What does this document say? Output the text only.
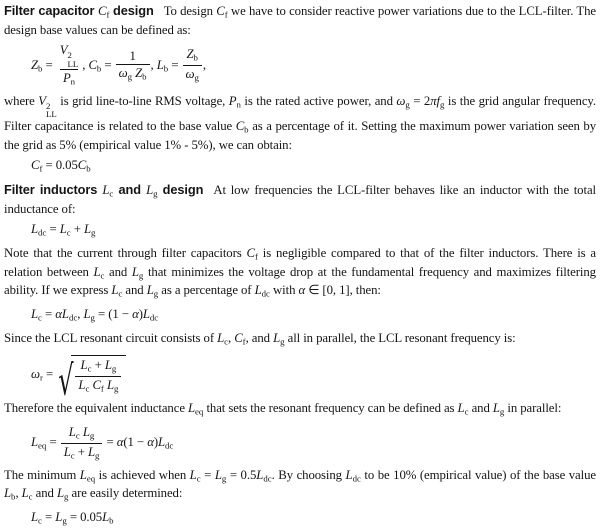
Filter capacitor Cf design To design Cf we have to consider reactive power variations due to the LCL-filter. The design base values can be defined as:

Zb = V 2
LL
Pn , $Cb = \frac{1}{\text{ωg Zb}}$ , $Lb = \frac{Zb}{\omega g}$ ,

where V 2
LL
is grid line-to-line RMS voltage, Pn is the rated active power, and ωg = 2πfg is the grid angular frequency. Filter capacitance is related to the base value Cb as a percentage of it. Setting the maximum power variation seen by the grid as 5% (empirical value 1% - 5%), we can obtain:

Cf = 0.05Cb

Filter inductors Lc and Lg design At low frequencies the LCL-filter behaves like an inductor with the total inductance of:

Ldc = Lc + Lg

Note that the current through filter capacitors Cf is negligible compared to that of the filter inductors. There is a relation between Lc and Lg that minimizes the voltage drop at the fundamental frequency and maximizes filtering ability. If we express Lc and Lg as a percentage of Ldc with α ∈ [0, 1], then:

Lc = αLdc, Lg = (1 − α)Ldc

Since the LCL resonant circuit consists of Lc, Cf, and Lg all in parallel, the LCL resonant frequency is:

ωr = √ $\frac{Lc + Lg}{\text{Lc Cf Lg}}$

Therefore the equivalent inductance Leq that sets the resonant frequency can be defined as Lc and Lg in parallel:

Leq = $\frac{\text{Lc Lg}}{Lc + Lg} = \alpha(1 - \alpha)Ldc$

The minimum Leq is achieved when Lc = Lg = 0.5Ldc. By choosing Ldc to be 10% (empirical value) of the base value Lb, Lc and Lg are easily determined:

Lc = Lg = 0.05Lb
